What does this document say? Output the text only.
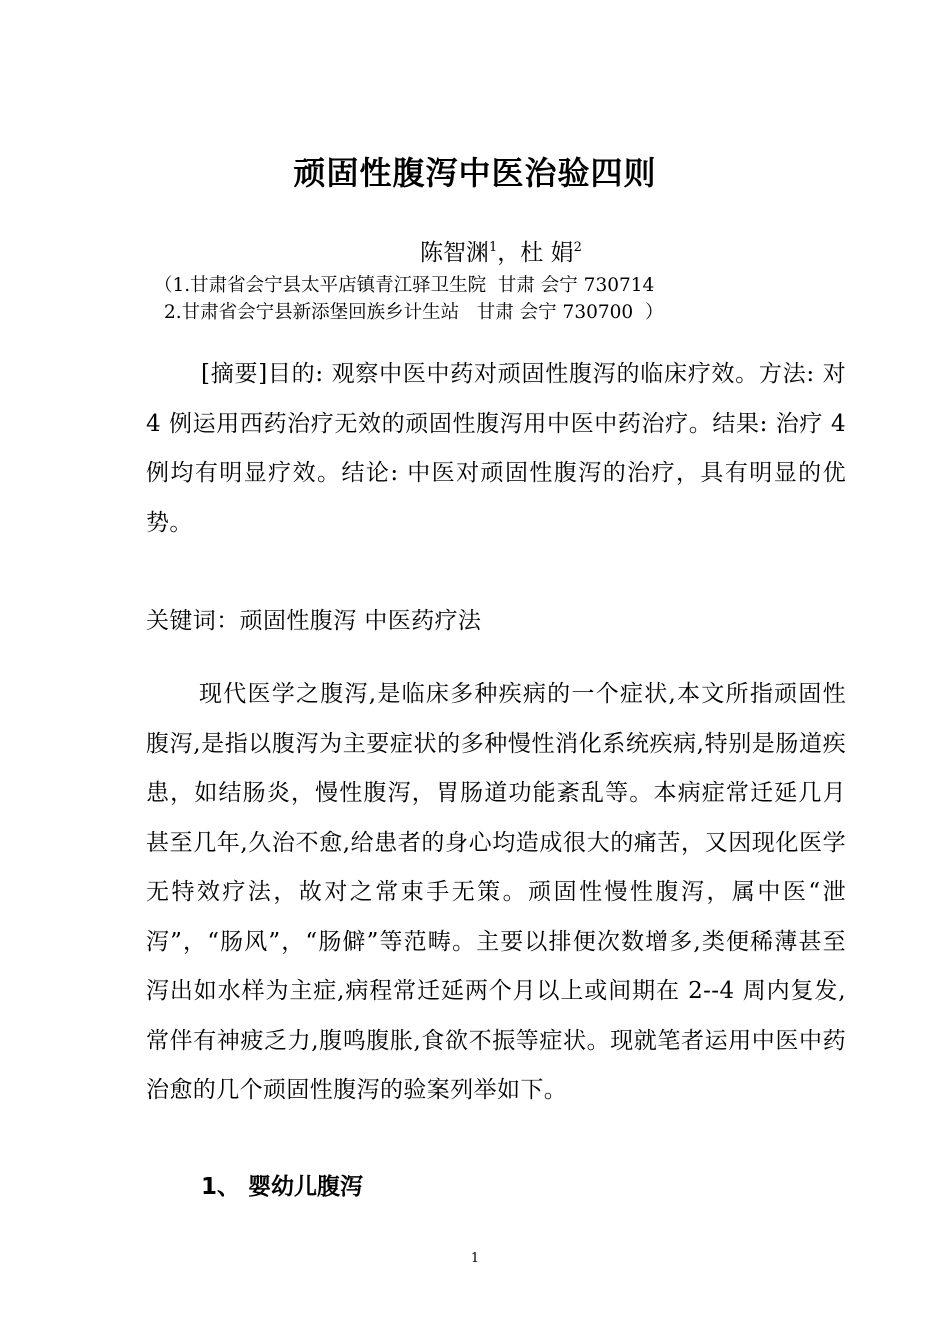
顽固性腹泻中医治验四则
陈智渊$^1$，杜 娟$^2$
（1.甘肃省会宁县太平店镇青江驿卫生院  甘肃 会宁 730714
2.甘肃省会宁县新添堡回族乡计生站   甘肃 会宁 730700  ）

[摘要]目的: 观察中医中药对顽固性腹泻的临床疗效。方法: 对 4 例运用西药治疗无效的顽固性腹泻用中医中药治疗。结果: 治疗 4 例均有明显疗效。结论: 中医对顽固性腹泻的治疗，具有明显的优势。

关键词：顽固性腹泻 中医药疗法

现代医学之腹泻,是临床多种疾病的一个症状,本文所指顽固性腹泻,是指以腹泻为主要症状的多种慢性消化系统疾病,特别是肠道疾患，如结肠炎，慢性腹泻，胃肠道功能紊乱等。本病症常迁延几月甚至几年,久治不愈,给患者的身心均造成很大的痛苦，又因现化医学无特效疗法，故对之常束手无策。顽固性慢性腹泻，属中医“泄泻”，“肠风”，“肠僻”等范畴。主要以排便次数增多,类便稀薄甚至泻出如水样为主症,病程常迁延两个月以上或间期在 2--4 周内复发,常伴有神疲乏力,腹鸣腹胀,食欲不振等症状。现就笔者运用中医中药治愈的几个顽固性腹泻的验案列举如下。

1、 婴幼儿腹泻
1
